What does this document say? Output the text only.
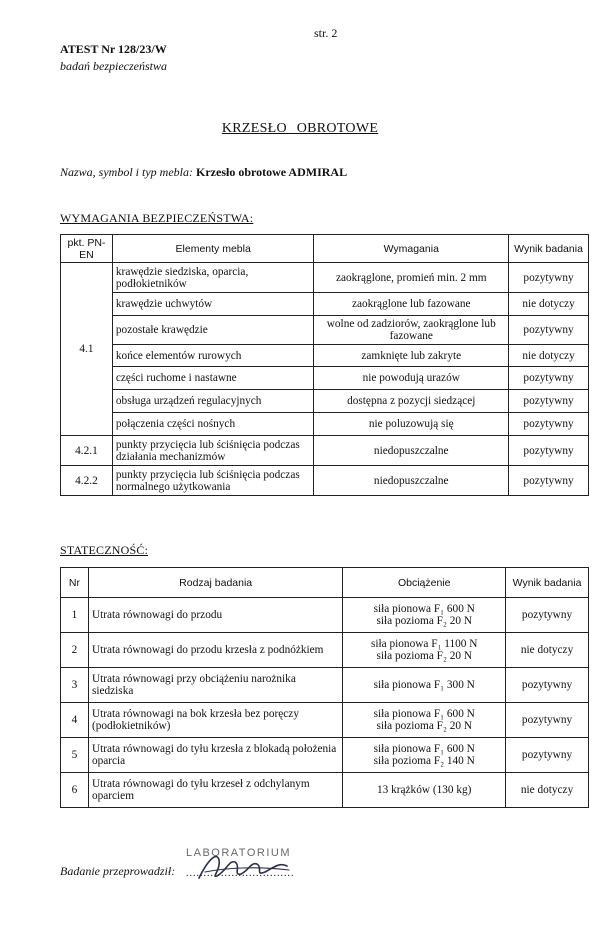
str. 2
ATEST Nr 128/23/W
badań bezpieczeństwa
KRZESŁO OBROTOWE
Nazwa, symbol i typ mebla: Krzesło obrotowe ADMIRAL
WYMAGANIA BEZPIECZEŃSTWA:
pkt. PN-EN	Elementy mebla	Wymagania	Wynik badania
4.1	krawędzie siedziska, oparcia, podłokietników	zaokrąglone, promień min. 2 mm	pozytywny
	krawędzie uchwytów	zaokrąglone lub fazowane	nie dotyczy
	pozostałe krawędzie	wolne od zadziorów, zaokrąglone lub fazowane	pozytywny
	końce elementów rurowych	zamknięte lub zakryte	nie dotyczy
	części ruchome i nastawne	nie powodują urazów	pozytywny
	obsługa urządzeń regulacyjnych	dostępna z pozycji siedzącej	pozytywny
	połączenia części nośnych	nie poluzowują się	pozytywny
4.2.1	punkty przycięcia lub ściśnięcia podczas działania mechanizmów	niedopuszczalne	pozytywny
4.2.2	punkty przycięcia lub ściśnięcia podczas normalnego użytkowania	niedopuszczalne	pozytywny
STATECZNOŚĆ:
Nr	Rodzaj badania	Obciążenie	Wynik badania
1	Utrata równowagi do przodu	siła pionowa F₁ 600 N
siła pozioma F₂ 20 N	pozytywny
2	Utrata równowagi do przodu krzesła z podnóżkiem	siła pionowa F₁ 1100 N
siła pozioma F₂ 20 N	nie dotyczy
3	Utrata równowagi przy obciążeniu narożnika siedziska	siła pionowa F₁ 300 N	pozytywny
4	Utrata równowagi na bok krzesła bez poręczy (podłokietników)	siła pionowa F₁ 600 N
siła pozioma F₂ 20 N	pozytywny
5	Utrata równowagi do tyłu krzesła z blokadą położenia oparcia	siła pionowa F₁ 600 N
siła pozioma F₂ 140 N	pozytywny
6	Utrata równowagi do tyłu krzeseł z odchylanym oparciem	13 krążków (130 kg)	nie dotyczy
LABORATORIUM
Badanie przeprowadził: ...............................
